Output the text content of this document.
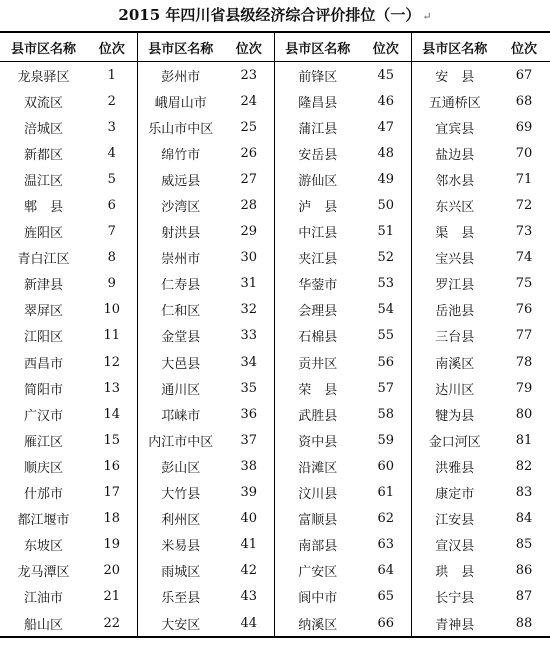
2015 年四川省县级经济综合评价排位（一） ↵
县市区名称	位次	县市区名称	位次	县市区名称	位次	县市区名称	位次
龙泉驿区	1	彭州市	23	前锋区	45	安　县	67
双流区	2	峨眉山市	24	隆昌县	46	五通桥区	68
涪城区	3	乐山市中区	25	蒲江县	47	宜宾县	69
新都区	4	绵竹市	26	安岳县	48	盐边县	70
温江区	5	威远县	27	游仙区	49	邻水县	71
郫　县	6	沙湾区	28	泸　县	50	东兴区	72
旌阳区	7	射洪县	29	中江县	51	渠　县	73
青白江区	8	崇州市	30	夹江县	52	宝兴县	74
新津县	9	仁寿县	31	华蓥市	53	罗江县	75
翠屏区	10	仁和区	32	会理县	54	岳池县	76
江阳区	11	金堂县	33	石棉县	55	三台县	77
西昌市	12	大邑县	34	贡井区	56	南溪区	78
简阳市	13	通川区	35	荣　县	57	达川区	79
广汉市	14	邛崃市	36	武胜县	58	犍为县	80
雁江区	15	内江市中区	37	资中县	59	金口河区	81
顺庆区	16	彭山区	38	沿滩区	60	洪雅县	82
什邡市	17	大竹县	39	汶川县	61	康定市	83
都江堰市	18	利州区	40	富顺县	62	江安县	84
东坡区	19	米易县	41	南部县	63	宣汉县	85
龙马潭区	20	雨城区	42	广安区	64	珙　县	86
江油市	21	乐至县	43	阆中市	65	长宁县	87
船山区	22	大安区	44	纳溪区	66	青神县	88
